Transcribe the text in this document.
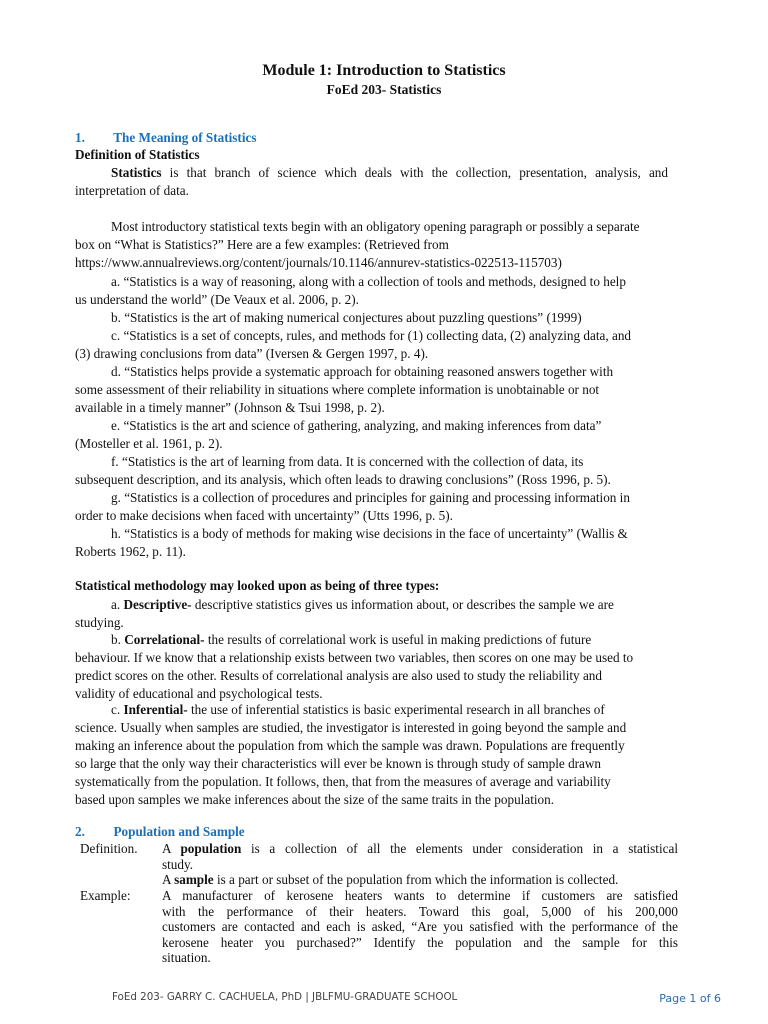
Module 1: Introduction to Statistics
FoEd 203- Statistics
1. The Meaning of Statistics
Definition of Statistics
Statistics is that branch of science which deals with the collection, presentation, analysis, and
interpretation of data.
Most introductory statistical texts begin with an obligatory opening paragraph or possibly a separate
box on “What is Statistics?” Here are a few examples: (Retrieved from
https://www.annualreviews.org/content/journals/10.1146/annurev-statistics-022513-115703)
a. “Statistics is a way of reasoning, along with a collection of tools and methods, designed to help
us understand the world” (De Veaux et al. 2006, p. 2).
b. “Statistics is the art of making numerical conjectures about puzzling questions” (1999)
c. “Statistics is a set of concepts, rules, and methods for (1) collecting data, (2) analyzing data, and
(3) drawing conclusions from data” (Iversen & Gergen 1997, p. 4).
d. “Statistics helps provide a systematic approach for obtaining reasoned answers together with
some assessment of their reliability in situations where complete information is unobtainable or not
available in a timely manner” (Johnson & Tsui 1998, p. 2).
e. “Statistics is the art and science of gathering, analyzing, and making inferences from data”
(Mosteller et al. 1961, p. 2).
f. “Statistics is the art of learning from data. It is concerned with the collection of data, its
subsequent description, and its analysis, which often leads to drawing conclusions” (Ross 1996, p. 5).
g. “Statistics is a collection of procedures and principles for gaining and processing information in
order to make decisions when faced with uncertainty” (Utts 1996, p. 5).
h. “Statistics is a body of methods for making wise decisions in the face of uncertainty” (Wallis &
Roberts 1962, p. 11).
Statistical methodology may looked upon as being of three types:
a. Descriptive- descriptive statistics gives us information about, or describes the sample we are
studying.
b. Correlational- the results of correlational work is useful in making predictions of future
behaviour. If we know that a relationship exists between two variables, then scores on one may be used to
predict scores on the other. Results of correlational analysis are also used to study the reliability and
validity of educational and psychological tests.
c. Inferential- the use of inferential statistics is basic experimental research in all branches of
science. Usually when samples are studied, the investigator is interested in going beyond the sample and
making an inference about the population from which the sample was drawn. Populations are frequently
so large that the only way their characteristics will ever be known is through study of sample drawn
systematically from the population. It follows, then, that from the measures of average and variability
based upon samples we make inferences about the size of the same traits in the population.
2. Population and Sample
Definition. A population is a collection of all the elements under consideration in a statistical
study.
A sample is a part or subset of the population from which the information is collected.
Example: A manufacturer of kerosene heaters wants to determine if customers are satisfied
with the performance of their heaters. Toward this goal, 5,000 of his 200,000
customers are contacted and each is asked, “Are you satisfied with the performance of the
kerosene heater you purchased?” Identify the population and the sample for this
situation.
FoEd 203- GARRY C. CACHUELA, PhD | JBLFMU-GRADUATE SCHOOL	Page 1 of 6
